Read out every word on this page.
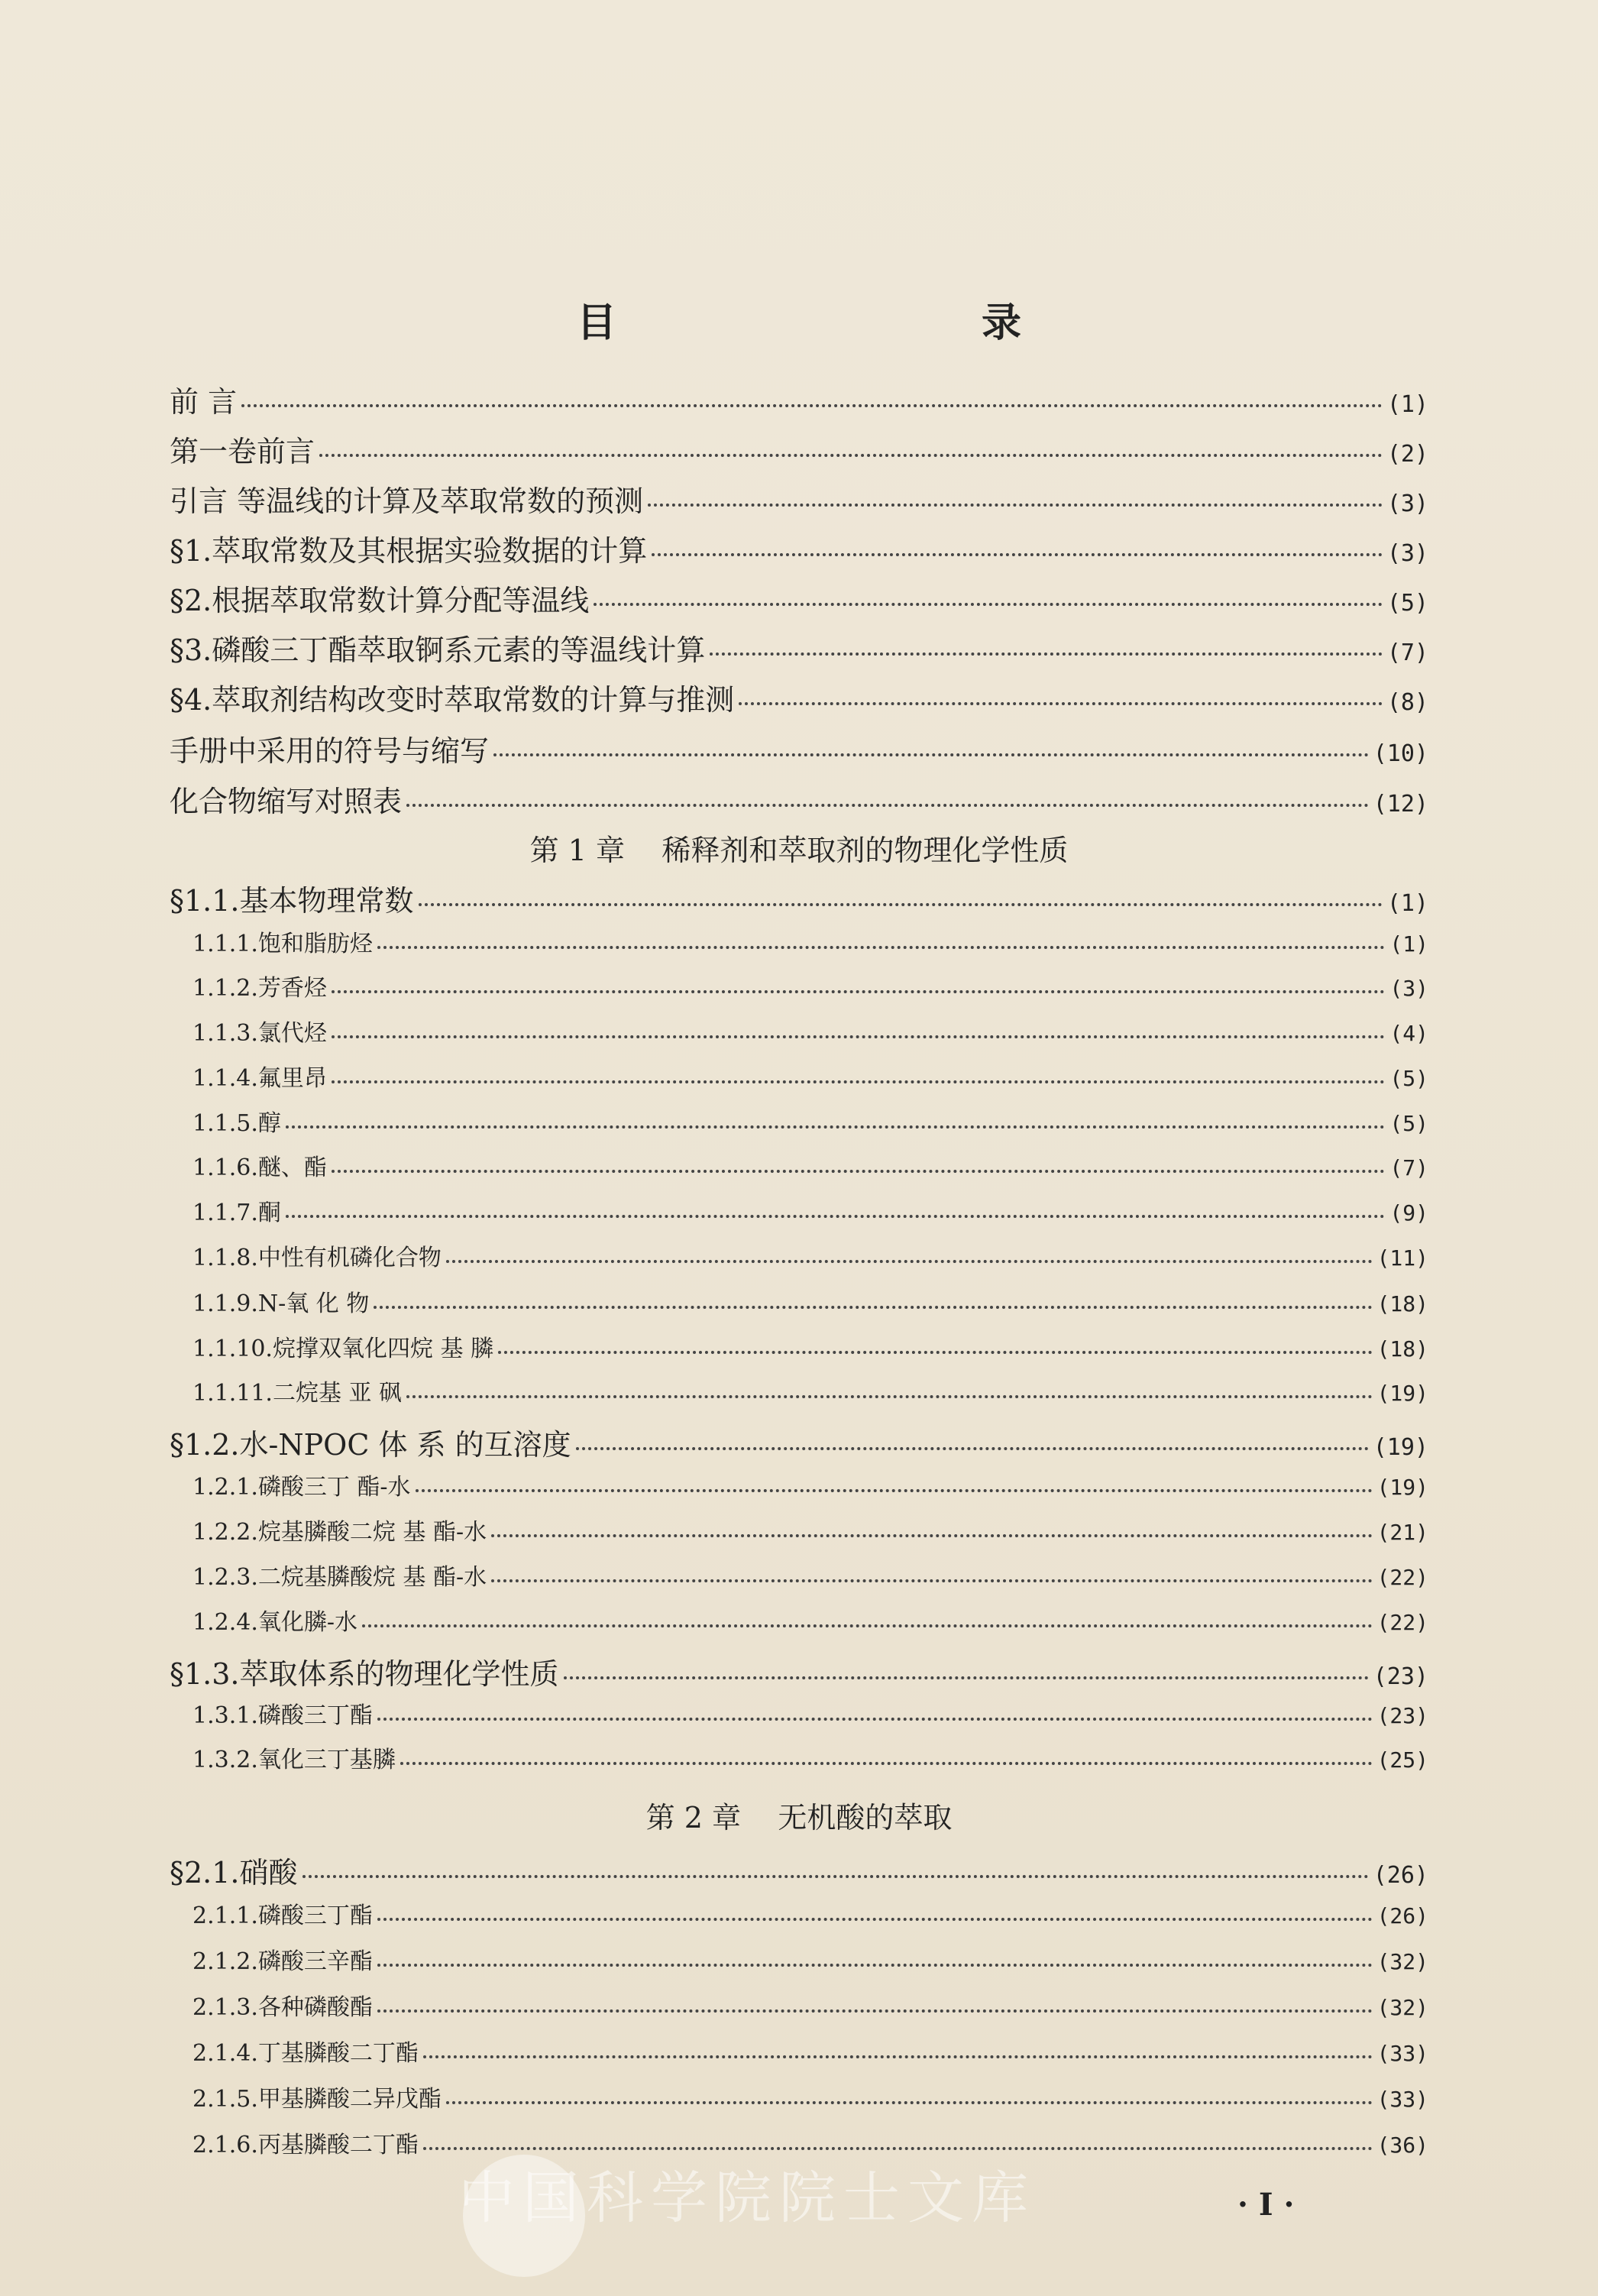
目 录
前 言	(1)
第一卷前言	(2)
引言 等温线的计算及萃取常数的预测	(3)
§1.萃取常数及其根据实验数据的计算	(3)
§2.根据萃取常数计算分配等温线	(5)
§3.磷酸三丁酯萃取锕系元素的等温线计算	(7)
§4.萃取剂结构改变时萃取常数的计算与推测	(8)
手册中采用的符号与缩写	(10)
化合物缩写对照表	(12)
第 1 章    稀释剂和萃取剂的物理化学性质
§1.1.基本物理常数	(1)
1.1.1.饱和脂肪烃	(1)
1.1.2.芳香烃	(3)
1.1.3.氯代烃	(4)
1.1.4.氟里昂	(5)
1.1.5.醇	(5)
1.1.6.醚、酯	(7)
1.1.7.酮	(9)
1.1.8.中性有机磷化合物	(11)
1.1.9.N-氧 化 物	(18)
1.1.10.烷撑双氧化四烷 基 膦	(18)
1.1.11.二烷基 亚 砜	(19)
§1.2.水-NPOC 体 系 的互溶度	(19)
1.2.1.磷酸三丁 酯-水	(19)
1.2.2.烷基膦酸二烷 基 酯-水	(21)
1.2.3.二烷基膦酸烷 基 酯-水	(22)
1.2.4.氧化膦-水	(22)
§1.3.萃取体系的物理化学性质	(23)
1.3.1.磷酸三丁酯	(23)
1.3.2.氧化三丁基膦	(25)
第 2 章    无机酸的萃取
§2.1.硝酸	(26)
2.1.1.磷酸三丁酯	(26)
2.1.2.磷酸三辛酯	(32)
2.1.3.各种磷酸酯	(32)
2.1.4.丁基膦酸二丁酯	(33)
2.1.5.甲基膦酸二异戊酯	(33)
2.1.6.丙基膦酸二丁酯	(36)
中国科学院院士文库	· I ·
